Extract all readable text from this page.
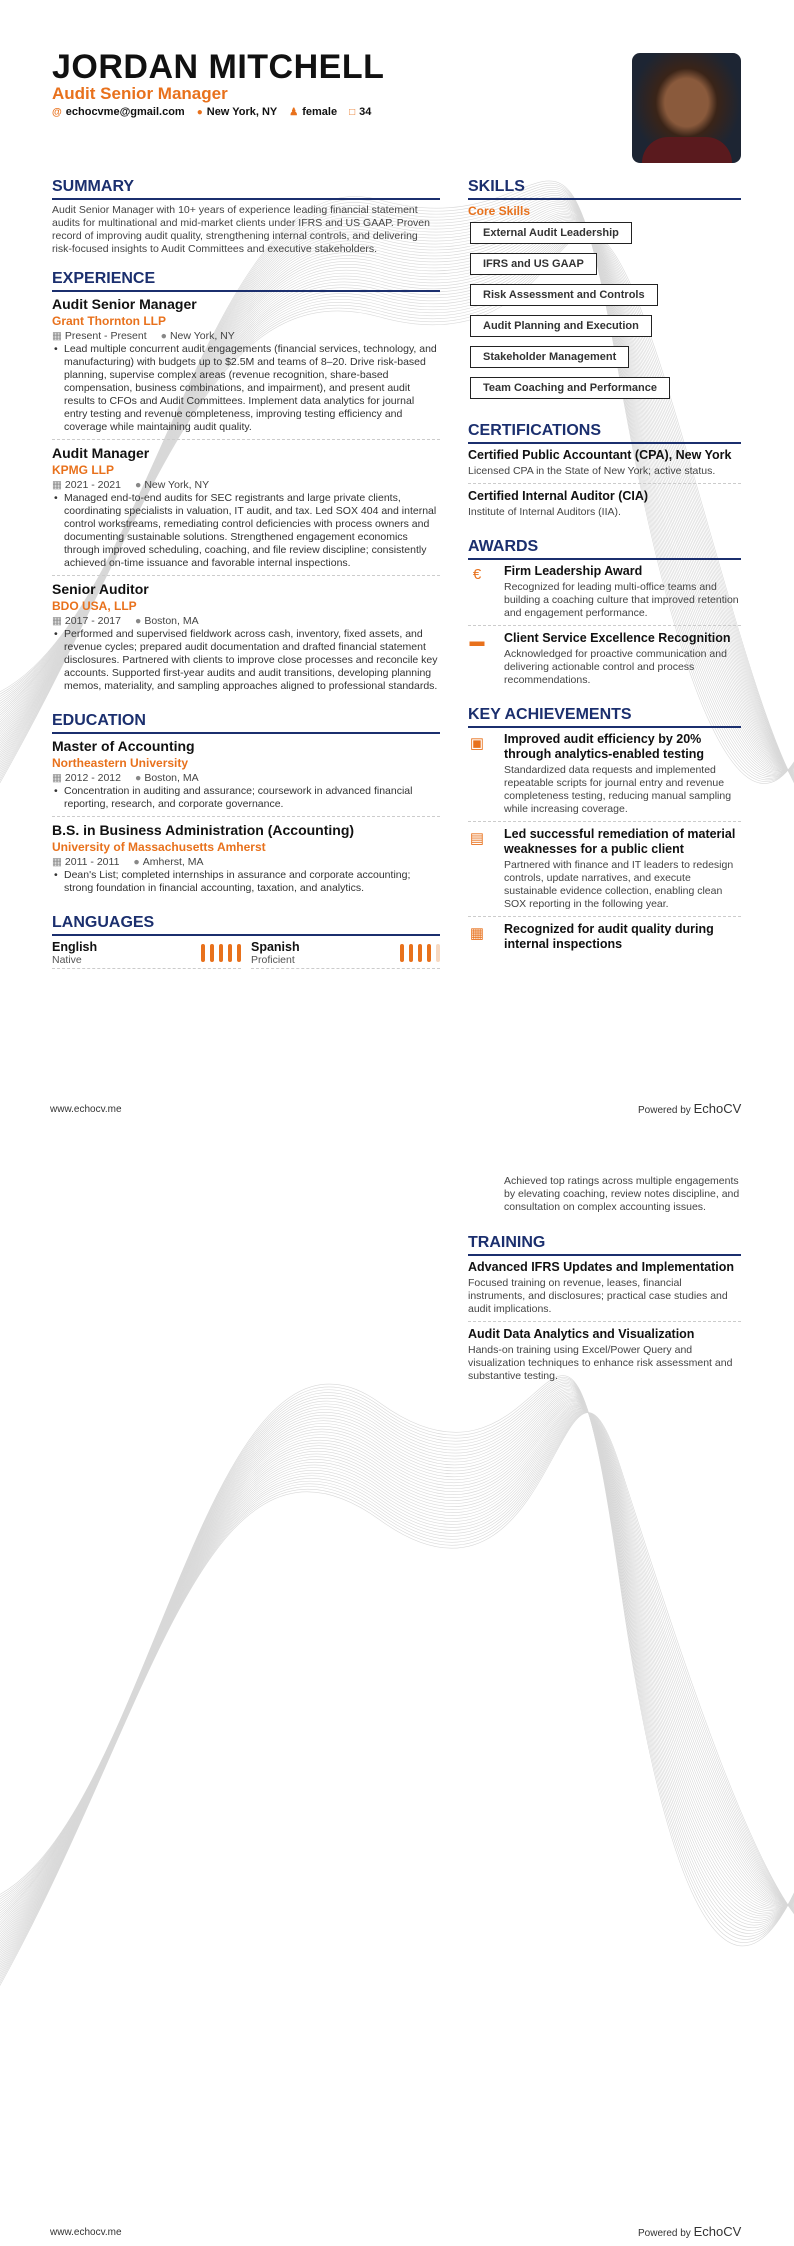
JORDAN MITCHELL
Audit Senior Manager
@ echocvme@gmail.com ● New York, NY ♟ female □ 34
SUMMARY
Audit Senior Manager with 10+ years of experience leading financial statement audits for multinational and mid-market clients under IFRS and US GAAP. Proven record of improving audit quality, strengthening internal controls, and delivering risk-focused insights to Audit Committees and executive stakeholders.
EXPERIENCE
Audit Senior Manager
Grant Thornton LLP
▦ Present - Present ● New York, NY
• Lead multiple concurrent audit engagements (financial services, technology, and manufacturing) with budgets up to $2.5M and teams of 8–20. Drive risk-based planning, supervise complex areas (revenue recognition, share-based compensation, business combinations, and impairment), and present audit results to CFOs and Audit Committees. Implement data analytics for journal entry testing and revenue completeness, improving testing efficiency and coverage while maintaining audit quality.
Audit Manager
KPMG LLP
▦ 2021 - 2021 ● New York, NY
• Managed end-to-end audits for SEC registrants and large private clients, coordinating specialists in valuation, IT audit, and tax. Led SOX 404 and internal control workstreams, remediating control deficiencies with process owners and documenting sustainable solutions. Strengthened engagement economics through improved scheduling, coaching, and file review discipline; consistently achieved on-time issuance and favorable internal inspections.
Senior Auditor
BDO USA, LLP
▦ 2017 - 2017 ● Boston, MA
• Performed and supervised fieldwork across cash, inventory, fixed assets, and revenue cycles; prepared audit documentation and drafted financial statement disclosures. Partnered with clients to improve close processes and reconcile key accounts. Supported first-year audits and audit transitions, developing planning memos, materiality, and sampling approaches aligned to professional standards.
EDUCATION
Master of Accounting
Northeastern University
▦ 2012 - 2012 ● Boston, MA
• Concentration in auditing and assurance; coursework in advanced financial reporting, research, and corporate governance.
B.S. in Business Administration (Accounting)
University of Massachusetts Amherst
▦ 2011 - 2011 ● Amherst, MA
• Dean's List; completed internships in assurance and corporate accounting; strong foundation in financial accounting, taxation, and analytics.
LANGUAGES
English
Native
Spanish
Proficient
SKILLS
Core Skills
External Audit Leadership
IFRS and US GAAP
Risk Assessment and Controls
Audit Planning and Execution
Stakeholder Management
Team Coaching and Performance
CERTIFICATIONS
Certified Public Accountant (CPA), New York
Licensed CPA in the State of New York; active status.
Certified Internal Auditor (CIA)
Institute of Internal Auditors (IIA).
AWARDS
€	Firm Leadership Award
Recognized for leading multi-office teams and building a coaching culture that improved retention and engagement performance.
▬ Client Service Excellence Recognition
Acknowledged for proactive communication and delivering actionable control and process recommendations.
KEY ACHIEVEMENTS
▣ Improved audit efficiency by 20% through analytics-enabled testing
Standardized data requests and implemented repeatable scripts for journal entry and revenue completeness testing, reducing manual sampling while increasing coverage.
▤ Led successful remediation of material weaknesses for a public client
Partnered with finance and IT leaders to redesign controls, update narratives, and execute sustainable evidence collection, enabling clean SOX reporting in the following year.
▦ Recognized for audit quality during internal inspections
www.echocv.me	Powered by EchoCV
Achieved top ratings across multiple engagements by elevating coaching, review notes discipline, and consultation on complex accounting issues.
TRAINING
Advanced IFRS Updates and Implementation
Focused training on revenue, leases, financial instruments, and disclosures; practical case studies and audit implications.
Audit Data Analytics and Visualization
Hands-on training using Excel/Power Query and visualization techniques to enhance risk assessment and substantive testing.
www.echocv.me	Powered by EchoCV
